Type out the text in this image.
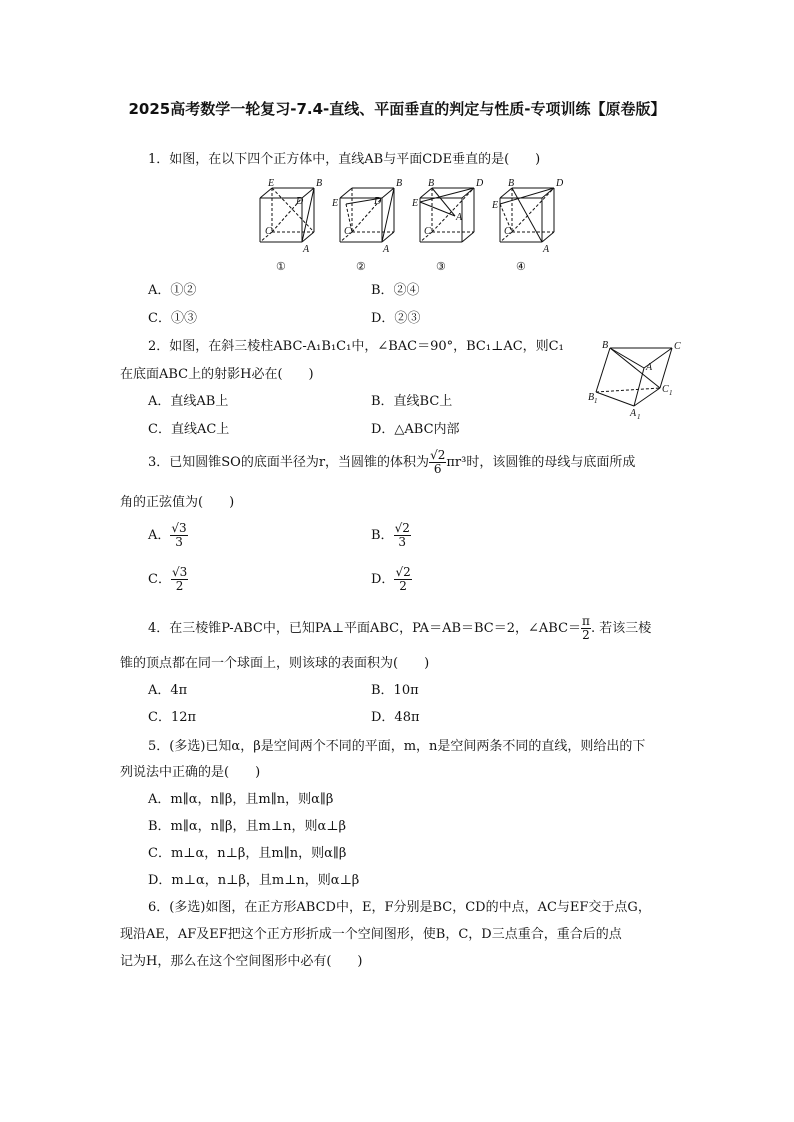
2025高考数学一轮复习-7.4-直线、平面垂直的判定与性质-专项训练【原卷版】
1．如图，在以下四个正方体中，直线AB与平面CDE垂直的是(　　)
E	B
D
C
A
E
B
D
C
A
B	D
E
A
C
B	D
E
C
A
①	②	③	④
A．①②	B．②④
C．①③	D．②③
2．如图，在斜三棱柱ABC-A₁B₁C₁中，∠BAC＝90°，BC₁⊥AC，则C₁
在底面ABC上的射影H必在(　　)
B	C
A
B 1
C 1
A 1
A．直线AB上	B．直线BC上
C．直线AC上	D．△ABC内部
3．已知圆锥SO的底面半径为r，当圆锥的体积为 $\frac{√2}{6} \pi r^3$时，该圆锥的母线与底面所成
角的正弦值为(　　)
A． $\frac{√3}{3}$	B． $\frac{√2}{3}$
C． $\frac{√3}{2}$	D． $\frac{√2}{2}$
4．在三棱锥P-ABC中，已知PA⊥平面ABC，PA＝AB＝BC＝2，∠ABC＝ $\frac{\pi}{2}$ . 若该三棱
锥的顶点都在同一个球面上，则该球的表面积为(　　)
A．4π	B．10π
C．12π	D．48π
5．(多选)已知α，β是空间两个不同的平面，m，n是空间两条不同的直线，则给出的下
列说法中正确的是(　　)
A．m∥α，n∥β，且m∥n，则α∥β
B．m∥α，n∥β，且m⊥n，则α⊥β
C．m⊥α，n⊥β，且m∥n，则α∥β
D．m⊥α，n⊥β，且m⊥n，则α⊥β
6．(多选)如图，在正方形ABCD中，E，F分别是BC，CD的中点，AC与EF交于点G，
现沿AE，AF及EF把这个正方形折成一个空间图形，使B，C，D三点重合，重合后的点
记为H，那么在这个空间图形中必有(　　)
